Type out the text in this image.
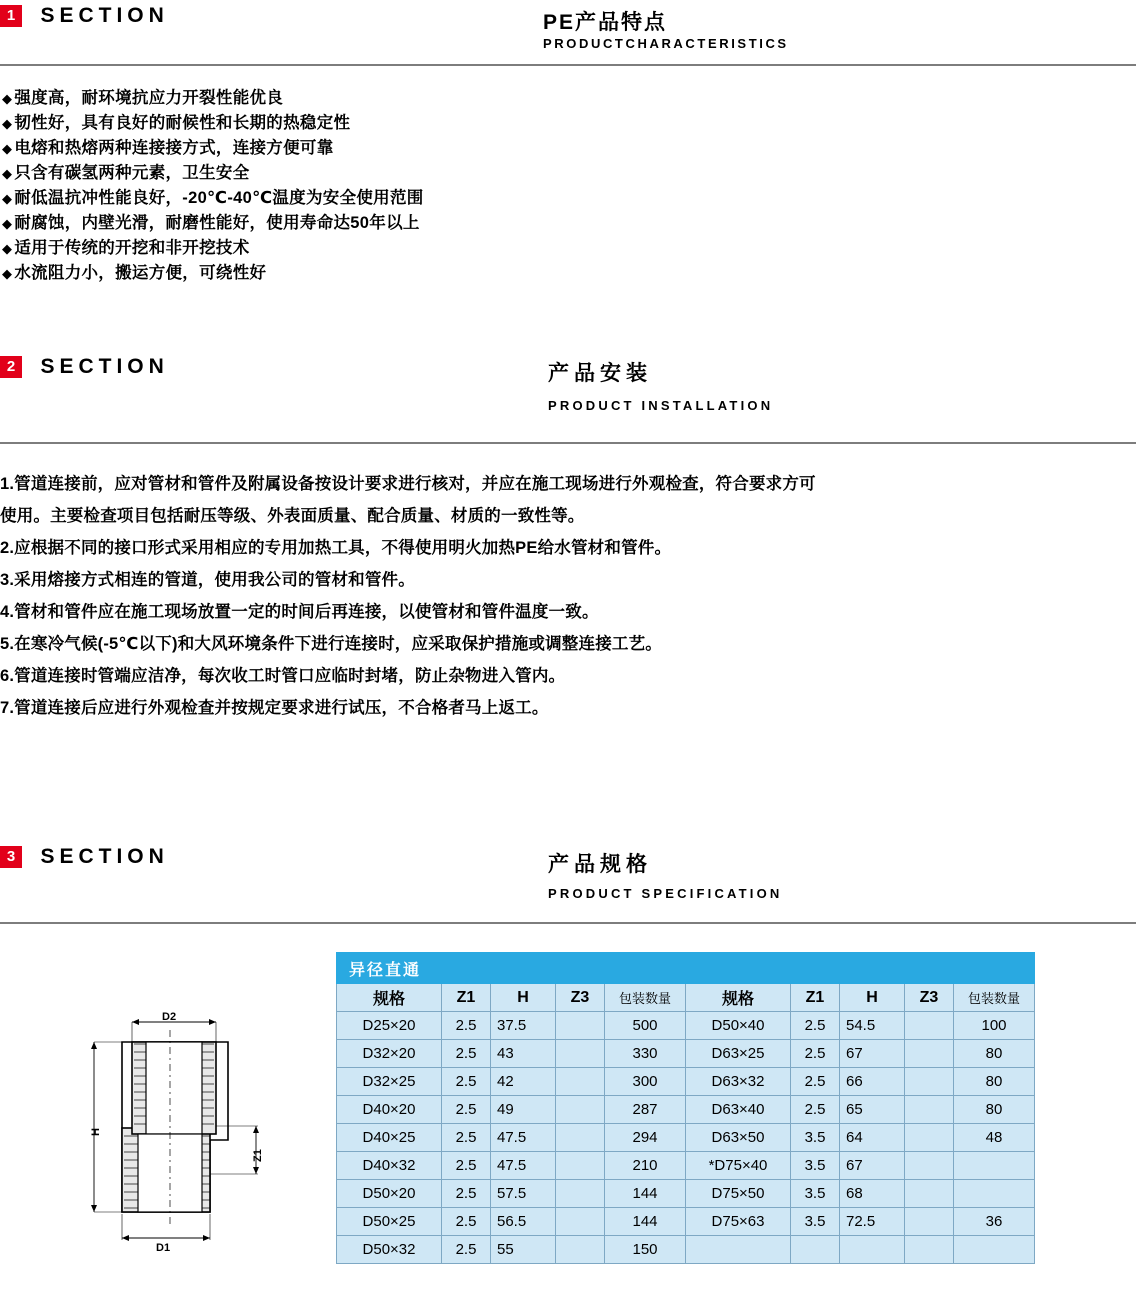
1 SECTION	PE产品特点
PRODUCTCHARACTERISTICS
◆ 强度高，耐环境抗应力开裂性能优良
◆ 韧性好，具有良好的耐候性和长期的热稳定性
◆ 电熔和热熔两种连接接方式，连接方便可靠
◆ 只含有碳氢两种元素，卫生安全
◆ 耐低温抗冲性能良好，-20℃-40℃温度为安全使用范围
◆ 耐腐蚀，内壁光滑，耐磨性能好，使用寿命达50年以上
◆ 适用于传统的开挖和非开挖技术
◆ 水流阻力小，搬运方便，可绕性好
2 SECTION	产品安装
PRODUCT INSTALLATION
1.管道连接前，应对管材和管件及附属设备按设计要求进行核对，并应在施工现场进行外观检查，符合要求方可
使用。主要检查项目包括耐压等级、外表面质量、配合质量、材质的一致性等。
2.应根据不同的接口形式采用相应的专用加热工具，不得使用明火加热PE给水管材和管件。
3.采用熔接方式相连的管道，使用我公司的管材和管件。
4.管材和管件应在施工现场放置一定的时间后再连接，以使管材和管件温度一致。
5.在寒冷气候(-5℃以下)和大风环境条件下进行连接时，应采取保护措施或调整连接工艺。
6.管道连接时管端应洁净，每次收工时管口应临时封堵，防止杂物进入管内。
7.管道连接后应进行外观检查并按规定要求进行试压，不合格者马上返工。
3 SECTION	产品规格
PRODUCT SPECIFICATION
D2
D1
H
Z1
异径直通									
规格	Z1	H	Z3	包装数量	规格	Z1	H	Z3	包装数量
D25×20	2.5	37.5		500	D50×40	2.5	54.5		100
D32×20	2.5	43		330	D63×25	2.5	67		80
D32×25	2.5	42		300	D63×32	2.5	66		80
D40×20	2.5	49		287	D63×40	2.5	65		80
D40×25	2.5	47.5		294	D63×50	3.5	64		48
D40×32	2.5	47.5		210	*D75×40	3.5	67		
D50×20	2.5	57.5		144	D75×50	3.5	68		
D50×25	2.5	56.5		144	D75×63	3.5	72.5		36
D50×32	2.5	55		150					
